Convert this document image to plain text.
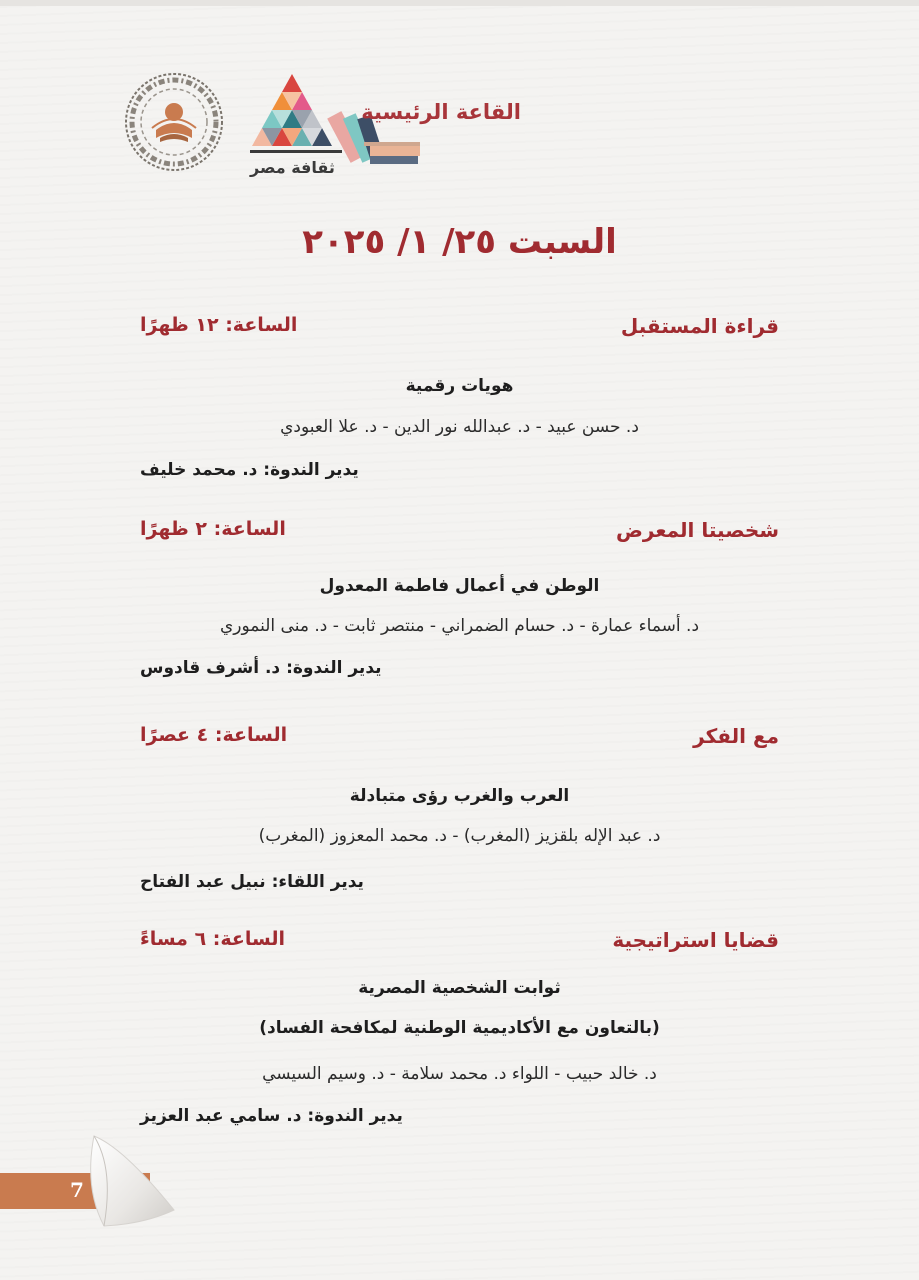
القاعة الرئيسية
ثقافة مصر
السبت ٢٥/ ١/ ٢٠٢٥
قراءة المستقبل
الساعة: ١٢ ظهرًا
هويات رقمية
د. حسن عبيد - د. عبدالله نور الدين - د. علا العبودي
يدير الندوة: د. محمد خليف
شخصيتا المعرض
الساعة: ٢ ظهرًا
الوطن في أعمال فاطمة المعدول
د. أسماء عمارة - د. حسام الضمراني - منتصر ثابت - د. منى النموري
يدير الندوة: د. أشرف قادوس
مع الفكر
الساعة: ٤ عصرًا
العرب والغرب رؤى متبادلة
د. عبد الإله بلقزيز (المغرب) - د. محمد المعزوز (المغرب)
يدير اللقاء: نبيل عبد الفتاح
قضايا استراتيجية
الساعة: ٦ مساءً
ثوابت الشخصية المصرية
(بالتعاون مع الأكاديمية الوطنية لمكافحة الفساد)
د. خالد حبيب - اللواء د. محمد سلامة - د. وسيم السيسي
يدير الندوة: د. سامي عبد العزيز
7
